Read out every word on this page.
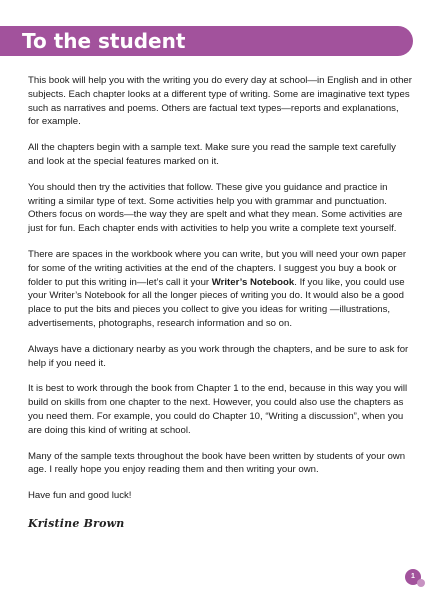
To the student

This book will help you with the writing you do every day at school—in English and in other subjects. Each chapter looks at a different type of writing. Some are imaginative text types such as narratives and poems. Others are factual text types—reports and explanations, for example.

All the chapters begin with a sample text. Make sure you read the sample text carefully and look at the special features marked on it.

You should then try the activities that follow. These give you guidance and practice in writing a similar type of text. Some activities help you with grammar and punctuation. Others focus on words—the way they are spelt and what they mean. Some activities are just for fun. Each chapter ends with activities to help you write a complete text yourself.

There are spaces in the workbook where you can write, but you will need your own paper for some of the writing activities at the end of the chapters. I suggest you buy a book or folder to put this writing in—let’s call it your Writer’s Notebook. If you like, you could use your Writer’s Notebook for all the longer pieces of writing you do. It would also be a good place to put the bits and pieces you collect to give you ideas for writing —illustrations, advertisements, photographs, research information and so on.

Always have a dictionary nearby as you work through the chapters, and be sure to ask for help if you need it.

It is best to work through the book from Chapter 1 to the end, because in this way you will build on skills from one chapter to the next. However, you could also use the chapters as you need them. For example, you could do Chapter 10, “Writing a discussion”, when you are doing this kind of writing at school.

Many of the sample texts throughout the book have been written by students of your own age. I really hope you enjoy reading them and then writing your own.

Have fun and good luck!

Kristine Brown
1
